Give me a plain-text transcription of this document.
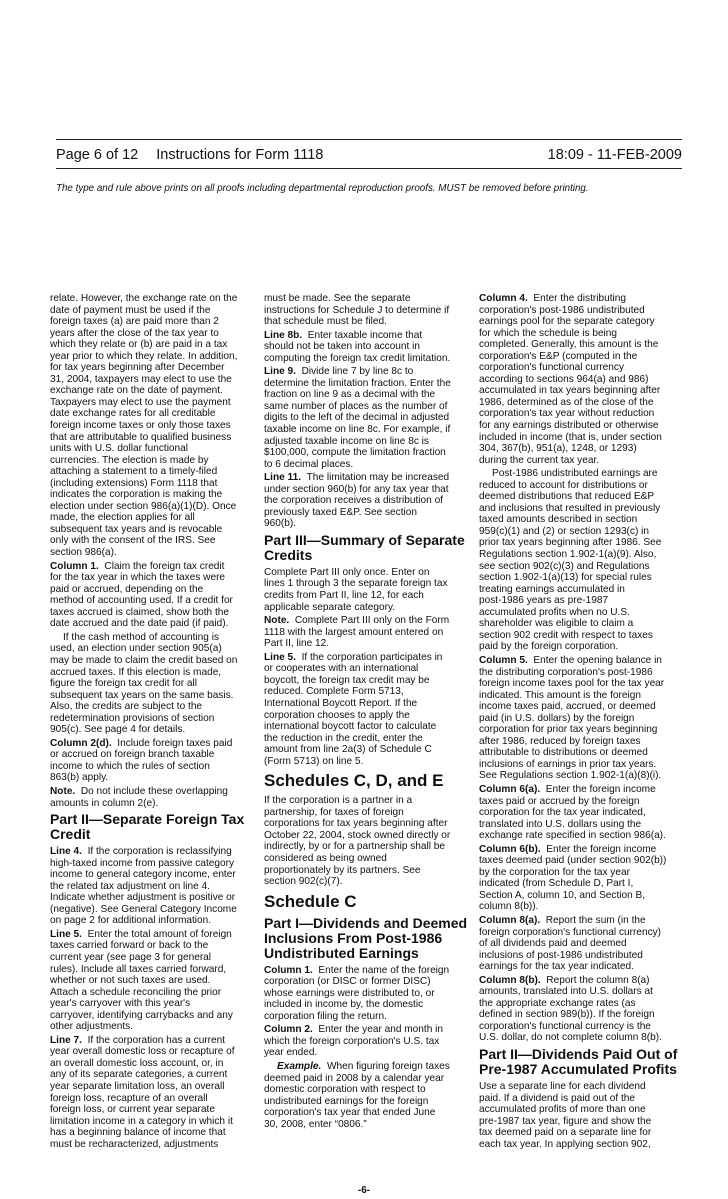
Page 6 of 12 Instructions for Form 1118	18:09 - 11-FEB-2009
The type and rule above prints on all proofs including departmental reproduction proofs. MUST be removed before printing.

relate. However, the exchange rate on the
date of payment must be used if the
foreign taxes (a) are paid more than 2
years after the close of the tax year to
which they relate or (b) are paid in a tax
year prior to which they relate. In addition,
for tax years beginning after December
31, 2004, taxpayers may elect to use the
exchange rate on the date of payment.
Taxpayers may elect to use the payment
date exchange rates for all creditable
foreign income taxes or only those taxes
that are attributable to qualified business
units with U.S. dollar functional
currencies. The election is made by
attaching a statement to a timely-filed
(including extensions) Form 1118 that
indicates the corporation is making the
election under section 986(a)(1)(D). Once
made, the election applies for all
subsequent tax years and is revocable
only with the consent of the IRS. See
section 986(a).

Column 1. Claim the foreign tax credit
for the tax year in which the taxes were
paid or accrued, depending on the
method of accounting used. If a credit for
taxes accrued is claimed, show both the
date accrued and the date paid (if paid).

If the cash method of accounting is
used, an election under section 905(a)
may be made to claim the credit based on
accrued taxes. If this election is made,
figure the foreign tax credit for all
subsequent tax years on the same basis.
Also, the credits are subject to the
redetermination provisions of section
905(c). See page 4 for details.

Column 2(d). Include foreign taxes paid
or accrued on foreign branch taxable
income to which the rules of section
863(b) apply.

Note. Do not include these overlapping
amounts in column 2(e).

Part II—Separate Foreign Tax
Credit

Line 4. If the corporation is reclassifying
high-taxed income from passive category
income to general category income, enter
the related tax adjustment on line 4.
Indicate whether adjustment is positive or
(negative). See General Category Income
on page 2 for additional information.

Line 5. Enter the total amount of foreign
taxes carried forward or back to the
current year (see page 3 for general
rules). Include all taxes carried forward,
whether or not such taxes are used.
Attach a schedule reconciling the prior
year's carryover with this year's
carryover, identifying carrybacks and any
other adjustments.

Line 7. If the corporation has a current
year overall domestic loss or recapture of
an overall domestic loss account, or, in
any of its separate categories, a current
year separate limitation loss, an overall
foreign loss, recapture of an overall
foreign loss, or current year separate
limitation income in a category in which it
has a beginning balance of income that
must be recharacterized, adjustments

must be made. See the separate
instructions for Schedule J to determine if
that schedule must be filed.

Line 8b. Enter taxable income that
should not be taken into account in
computing the foreign tax credit limitation.

Line 9. Divide line 7 by line 8c to
determine the limitation fraction. Enter the
fraction on line 9 as a decimal with the
same number of places as the number of
digits to the left of the decimal in adjusted
taxable income on line 8c. For example, if
adjusted taxable income on line 8c is
$100,000, compute the limitation fraction
to 6 decimal places.

Line 11. The limitation may be increased
under section 960(b) for any tax year that
the corporation receives a distribution of
previously taxed E&P. See section
960(b).

Part III—Summary of Separate
Credits

Complete Part III only once. Enter on
lines 1 through 3 the separate foreign tax
credits from Part II, line 12, for each
applicable separate category.

Note. Complete Part III only on the Form
1118 with the largest amount entered on
Part II, line 12.

Line 5. If the corporation participates in
or cooperates with an international
boycott, the foreign tax credit may be
reduced. Complete Form 5713,
International Boycott Report. If the
corporation chooses to apply the
international boycott factor to calculate
the reduction in the credit, enter the
amount from line 2a(3) of Schedule C
(Form 5713) on line 5.

Schedules C, D, and E

If the corporation is a partner in a
partnership, for taxes of foreign
corporations for tax years beginning after
October 22, 2004, stock owned directly or
indirectly, by or for a partnership shall be
considered as being owned
proportionately by its partners. See
section 902(c)(7).

Schedule C
Part I—Dividends and Deemed
Inclusions From Post-1986
Undistributed Earnings

Column 1. Enter the name of the foreign
corporation (or DISC or former DISC)
whose earnings were distributed to, or
included in income by, the domestic
corporation filing the return.

Column 2. Enter the year and month in
which the foreign corporation's U.S. tax
year ended.

Example. When figuring foreign taxes
deemed paid in 2008 by a calendar year
domestic corporation with respect to
undistributed earnings for the foreign
corporation's tax year that ended June
30, 2008, enter “0806.”

Column 4. Enter the distributing
corporation's post-1986 undistributed
earnings pool for the separate category
for which the schedule is being
completed. Generally, this amount is the
corporation's E&P (computed in the
corporation's functional currency
according to sections 964(a) and 986)
accumulated in tax years beginning after
1986, determined as of the close of the
corporation's tax year without reduction
for any earnings distributed or otherwise
included in income (that is, under section
304, 367(b), 951(a), 1248, or 1293)
during the current tax year.

Post-1986 undistributed earnings are
reduced to account for distributions or
deemed distributions that reduced E&P
and inclusions that resulted in previously
taxed amounts described in section
959(c)(1) and (2) or section 1293(c) in
prior tax years beginning after 1986. See
Regulations section 1.902-1(a)(9). Also,
see section 902(c)(3) and Regulations
section 1.902-1(a)(13) for special rules
treating earnings accumulated in
post-1986 years as pre-1987
accumulated profits when no U.S.
shareholder was eligible to claim a
section 902 credit with respect to taxes
paid by the foreign corporation.

Column 5. Enter the opening balance in
the distributing corporation's post-1986
foreign income taxes pool for the tax year
indicated. This amount is the foreign
income taxes paid, accrued, or deemed
paid (in U.S. dollars) by the foreign
corporation for prior tax years beginning
after 1986, reduced by foreign taxes
attributable to distributions or deemed
inclusions of earnings in prior tax years.
See Regulations section 1.902-1(a)(8)(i).

Column 6(a). Enter the foreign income
taxes paid or accrued by the foreign
corporation for the tax year indicated,
translated into U.S. dollars using the
exchange rate specified in section 986(a).

Column 6(b). Enter the foreign income
taxes deemed paid (under section 902(b))
by the corporation for the tax year
indicated (from Schedule D, Part I,
Section A, column 10, and Section B,
column 8(b)).

Column 8(a). Report the sum (in the
foreign corporation's functional currency)
of all dividends paid and deemed
inclusions of post-1986 undistributed
earnings for the tax year indicated.

Column 8(b). Report the column 8(a)
amounts, translated into U.S. dollars at
the appropriate exchange rates (as
defined in section 989(b)). If the foreign
corporation's functional currency is the
U.S. dollar, do not complete column 8(b).

Part II—Dividends Paid Out of
Pre-1987 Accumulated Profits

Use a separate line for each dividend
paid. If a dividend is paid out of the
accumulated profits of more than one
pre-1987 tax year, figure and show the
tax deemed paid on a separate line for
each tax year. In applying section 902,

-6-
